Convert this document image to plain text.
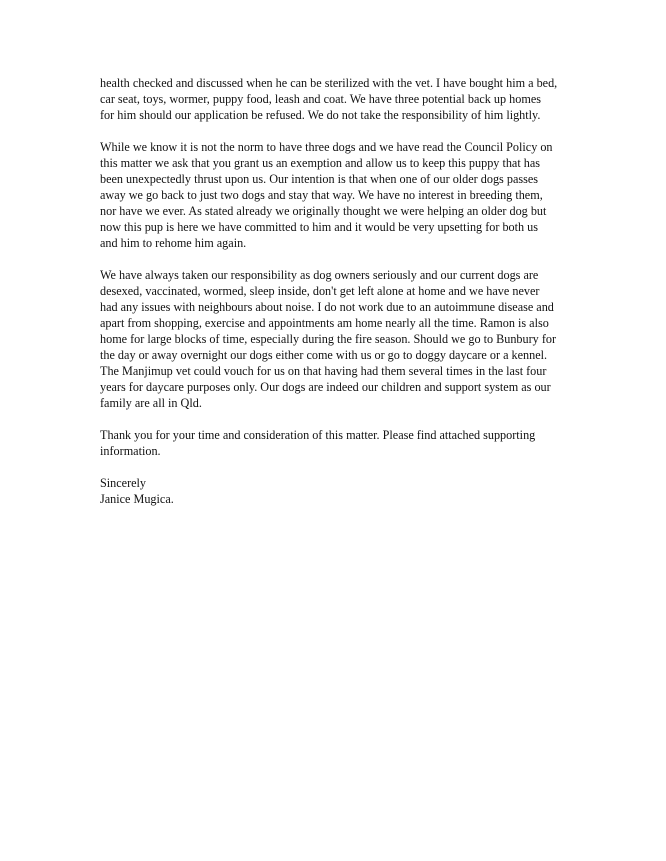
health checked and discussed when he can be sterilized with the vet. I have bought him a bed,
car seat, toys, wormer, puppy food, leash and coat. We have three potential back up homes
for him should our application be refused. We do not take the responsibility of him lightly.

While we know it is not the norm to have three dogs and we have read the Council Policy on
this matter we ask that you grant us an exemption and allow us to keep this puppy that has
been unexpectedly thrust upon us. Our intention is that when one of our older dogs passes
away we go back to just two dogs and stay that way. We have no interest in breeding them,
nor have we ever. As stated already we originally thought we were helping an older dog but
now this pup is here we have committed to him and it would be very upsetting for both us
and him to rehome him again.

We have always taken our responsibility as dog owners seriously and our current dogs are
desexed, vaccinated, wormed, sleep inside, don't get left alone at home and we have never
had any issues with neighbours about noise. I do not work due to an autoimmune disease and
apart from shopping, exercise and appointments am home nearly all the time. Ramon is also
home for large blocks of time, especially during the fire season. Should we go to Bunbury for
the day or away overnight our dogs either come with us or go to doggy daycare or a kennel.
The Manjimup vet could vouch for us on that having had them several times in the last four
years for daycare purposes only. Our dogs are indeed our children and support system as our
family are all in Qld.

Thank you for your time and consideration of this matter. Please find attached supporting
information.

Sincerely
Janice Mugica.
